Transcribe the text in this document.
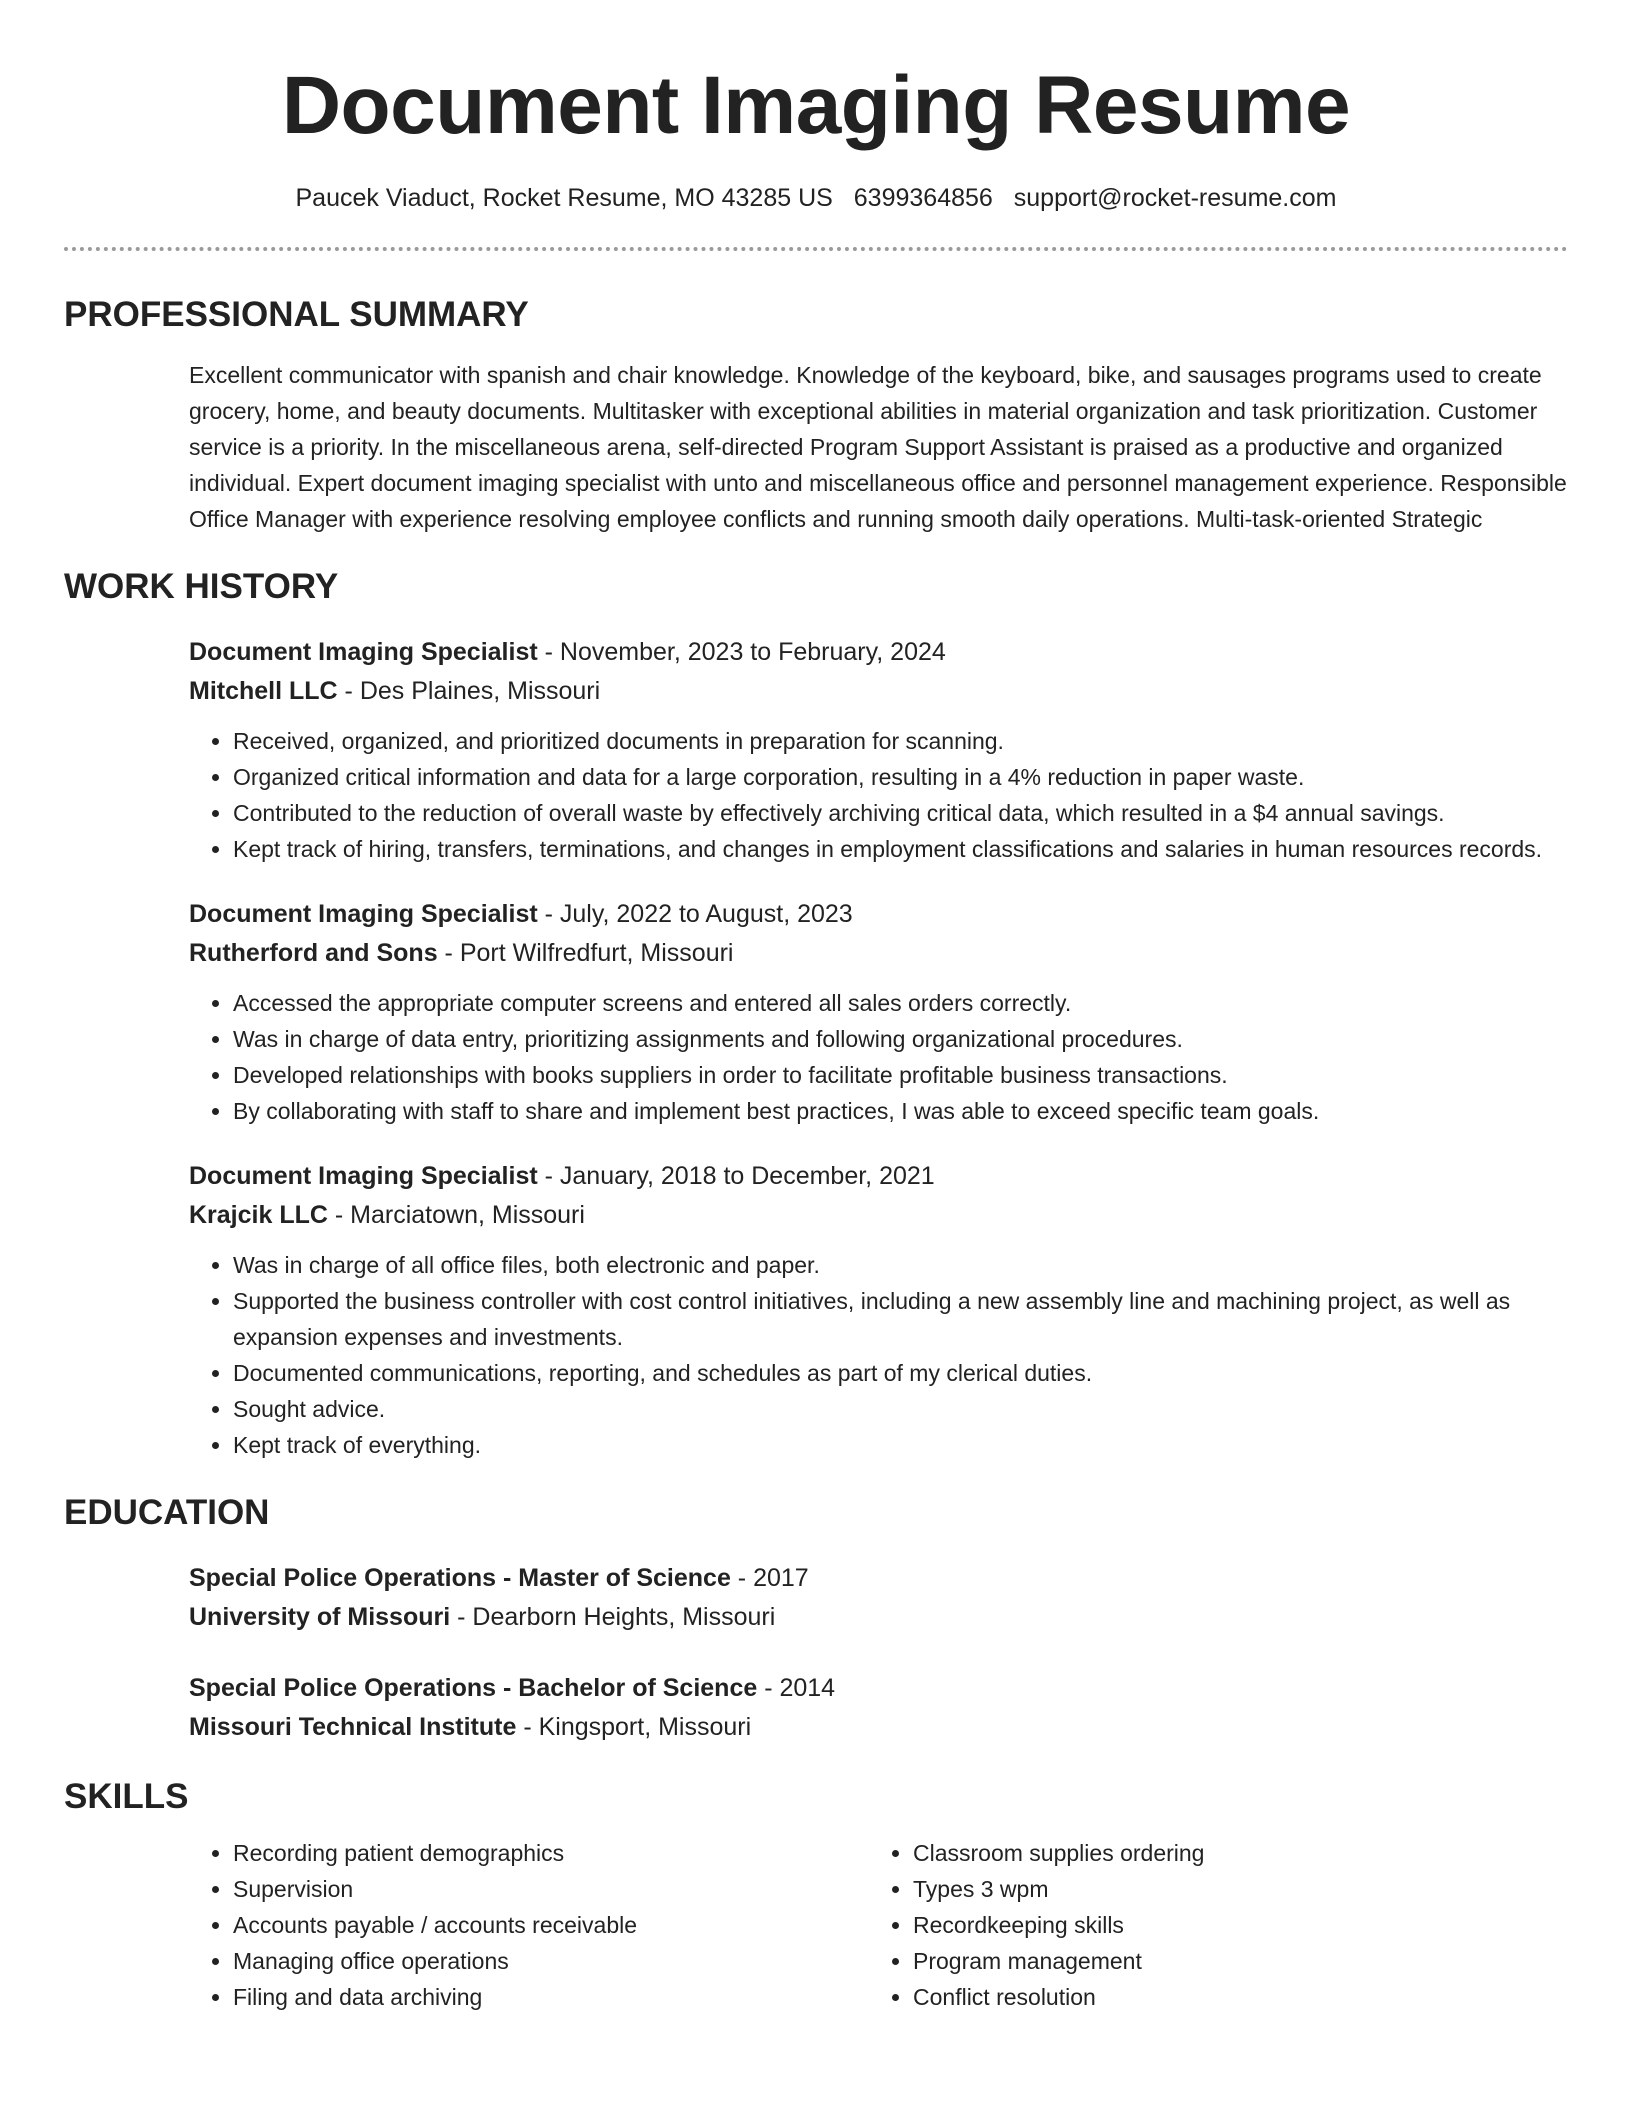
Document Imaging Resume
Paucek Viaduct, Rocket Resume, MO 43285 US 6399364856 support@rocket-resume.com
PROFESSIONAL SUMMARY
Excellent communicator with spanish and chair knowledge. Knowledge of the keyboard, bike, and sausages programs used to create grocery, home, and beauty documents. Multitasker with exceptional abilities in material organization and task prioritization. Customer service is a priority. In the miscellaneous arena, self-directed Program Support Assistant is praised as a productive and organized individual. Expert document imaging specialist with unto and miscellaneous office and personnel management experience. Responsible Office Manager with experience resolving employee conflicts and running smooth daily operations. Multi-task-oriented Strategic
WORK HISTORY
Document Imaging Specialist - November, 2023 to February, 2024
Mitchell LLC - Des Plaines, Missouri
• Received, organized, and prioritized documents in preparation for scanning.
• Organized critical information and data for a large corporation, resulting in a 4% reduction in paper waste.
• Contributed to the reduction of overall waste by effectively archiving critical data, which resulted in a $4 annual savings.
• Kept track of hiring, transfers, terminations, and changes in employment classifications and salaries in human resources records.
Document Imaging Specialist - July, 2022 to August, 2023
Rutherford and Sons - Port Wilfredfurt, Missouri
• Accessed the appropriate computer screens and entered all sales orders correctly.
• Was in charge of data entry, prioritizing assignments and following organizational procedures.
• Developed relationships with books suppliers in order to facilitate profitable business transactions.
• By collaborating with staff to share and implement best practices, I was able to exceed specific team goals.
Document Imaging Specialist - January, 2018 to December, 2021
Krajcik LLC - Marciatown, Missouri
• Was in charge of all office files, both electronic and paper.
• Supported the business controller with cost control initiatives, including a new assembly line and machining project, as well as expansion expenses and investments.
• Documented communications, reporting, and schedules as part of my clerical duties.
• Sought advice.
• Kept track of everything.
EDUCATION
Special Police Operations - Master of Science - 2017
University of Missouri - Dearborn Heights, Missouri
Special Police Operations - Bachelor of Science - 2014
Missouri Technical Institute - Kingsport, Missouri
SKILLS
• Recording patient demographics
• Supervision
• Accounts payable / accounts receivable
• Managing office operations
• Filing and data archiving
• Classroom supplies ordering
• Types 3 wpm
• Recordkeeping skills
• Program management
• Conflict resolution
